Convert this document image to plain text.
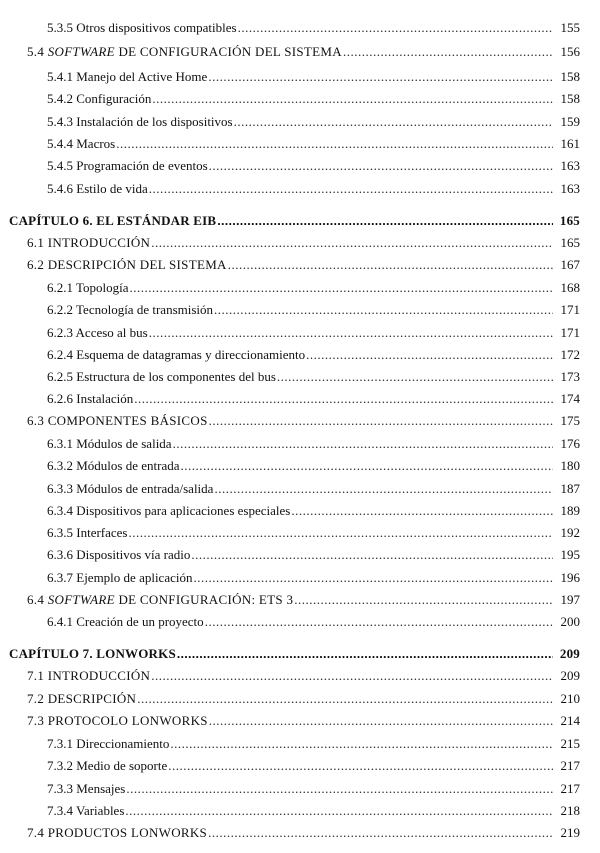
5.3.5 Otros dispositivos compatibles .....	155
5.4 SOFTWARE DE CONFIGURACIÓN DEL SISTEMA .....	156
5.4.1 Manejo del Active Home .....	158
5.4.2 Configuración .....	158
5.4.3 Instalación de los dispositivos .....	159
5.4.4 Macros .....	161
5.4.5 Programación de eventos .....	163
5.4.6 Estilo de vida .....	163
CAPÍTULO 6. EL ESTÁNDAR EIB .....	165
6.1 INTRODUCCIÓN .....	165
6.2 DESCRIPCIÓN DEL SISTEMA .....	167
6.2.1 Topología .....	168
6.2.2 Tecnología de transmisión .....	171
6.2.3 Acceso al bus .....	171
6.2.4 Esquema de datagramas y direccionamiento .....	172
6.2.5 Estructura de los componentes del bus .....	173
6.2.6 Instalación .....	174
6.3 COMPONENTES BÁSICOS .....	175
6.3.1 Módulos de salida .....	176
6.3.2 Módulos de entrada .....	180
6.3.3 Módulos de entrada/salida .....	187
6.3.4 Dispositivos para aplicaciones especiales .....	189
6.3.5 Interfaces .....	192
6.3.6 Dispositivos vía radio .....	195
6.3.7 Ejemplo de aplicación .....	196
6.4 SOFTWARE DE CONFIGURACIÓN: ETS 3 .....	197
6.4.1 Creación de un proyecto .....	200
CAPÍTULO 7. LONWORKS .....	209
7.1 INTRODUCCIÓN .....	209
7.2 DESCRIPCIÓN .....	210
7.3 PROTOCOLO LONWORKS .....	214
7.3.1 Direccionamiento .....	215
7.3.2 Medio de soporte .....	217
7.3.3 Mensajes .....	217
7.3.4 Variables .....	218
7.4 PRODUCTOS LONWORKS .....	219
